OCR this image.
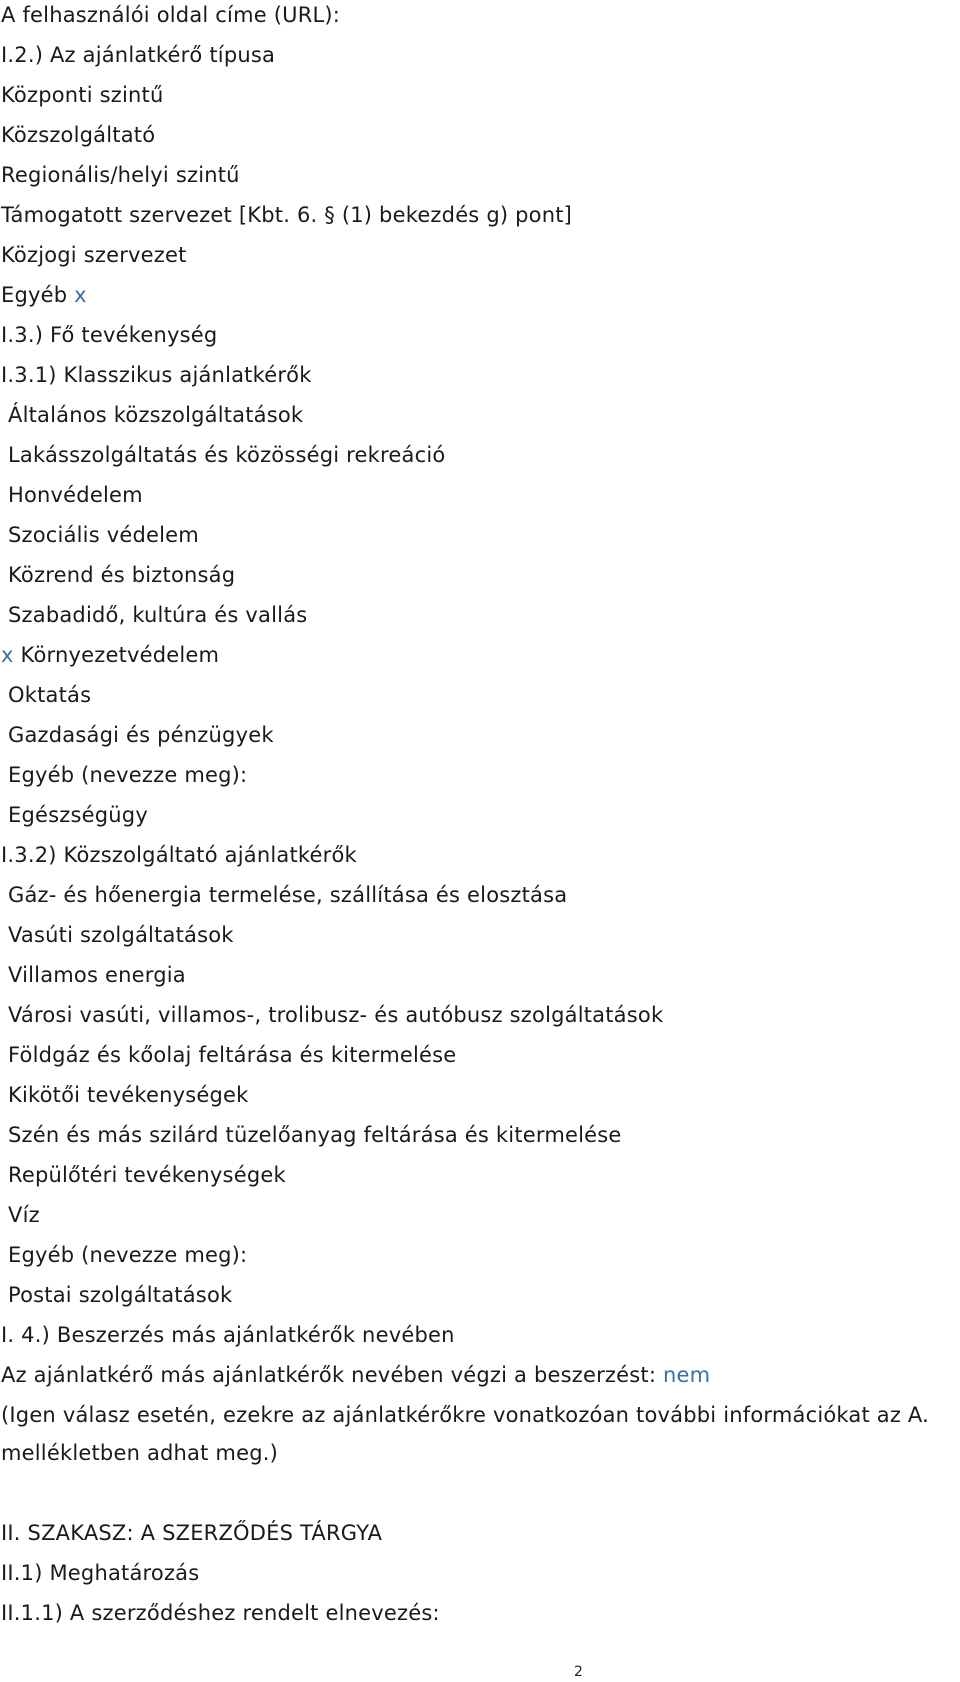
A felhasználói oldal címe (URL):
I.2.) Az ajánlatkérő típusa
Központi szintű
Közszolgáltató
Regionális/helyi szintű
Támogatott szervezet [Kbt. 6. § (1) bekezdés g) pont]
Közjogi szervezet
Egyéb x
I.3.) Fő tevékenység
I.3.1) Klasszikus ajánlatkérők
Általános közszolgáltatások
Lakásszolgáltatás és közösségi rekreáció
Honvédelem
Szociális védelem
Közrend és biztonság
Szabadidő, kultúra és vallás
x Környezetvédelem
Oktatás
Gazdasági és pénzügyek
Egyéb (nevezze meg):
Egészségügy
I.3.2) Közszolgáltató ajánlatkérők
Gáz- és hőenergia termelése, szállítása és elosztása
Vasúti szolgáltatások
Villamos energia
Városi vasúti, villamos-, trolibusz- és autóbusz szolgáltatások
Földgáz és kőolaj feltárása és kitermelése
Kikötői tevékenységek
Szén és más szilárd tüzelőanyag feltárása és kitermelése
Repülőtéri tevékenységek
Víz
Egyéb (nevezze meg):
Postai szolgáltatások
I. 4.) Beszerzés más ajánlatkérők nevében
Az ajánlatkérő más ajánlatkérők nevében végzi a beszerzést: nem
(Igen válasz esetén, ezekre az ajánlatkérőkre vonatkozóan további információkat az A.
mellékletben adhat meg.)
II. SZAKASZ: A SZERZŐDÉS TÁRGYA
II.1) Meghatározás
II.1.1) A szerződéshez rendelt elnevezés:
2
